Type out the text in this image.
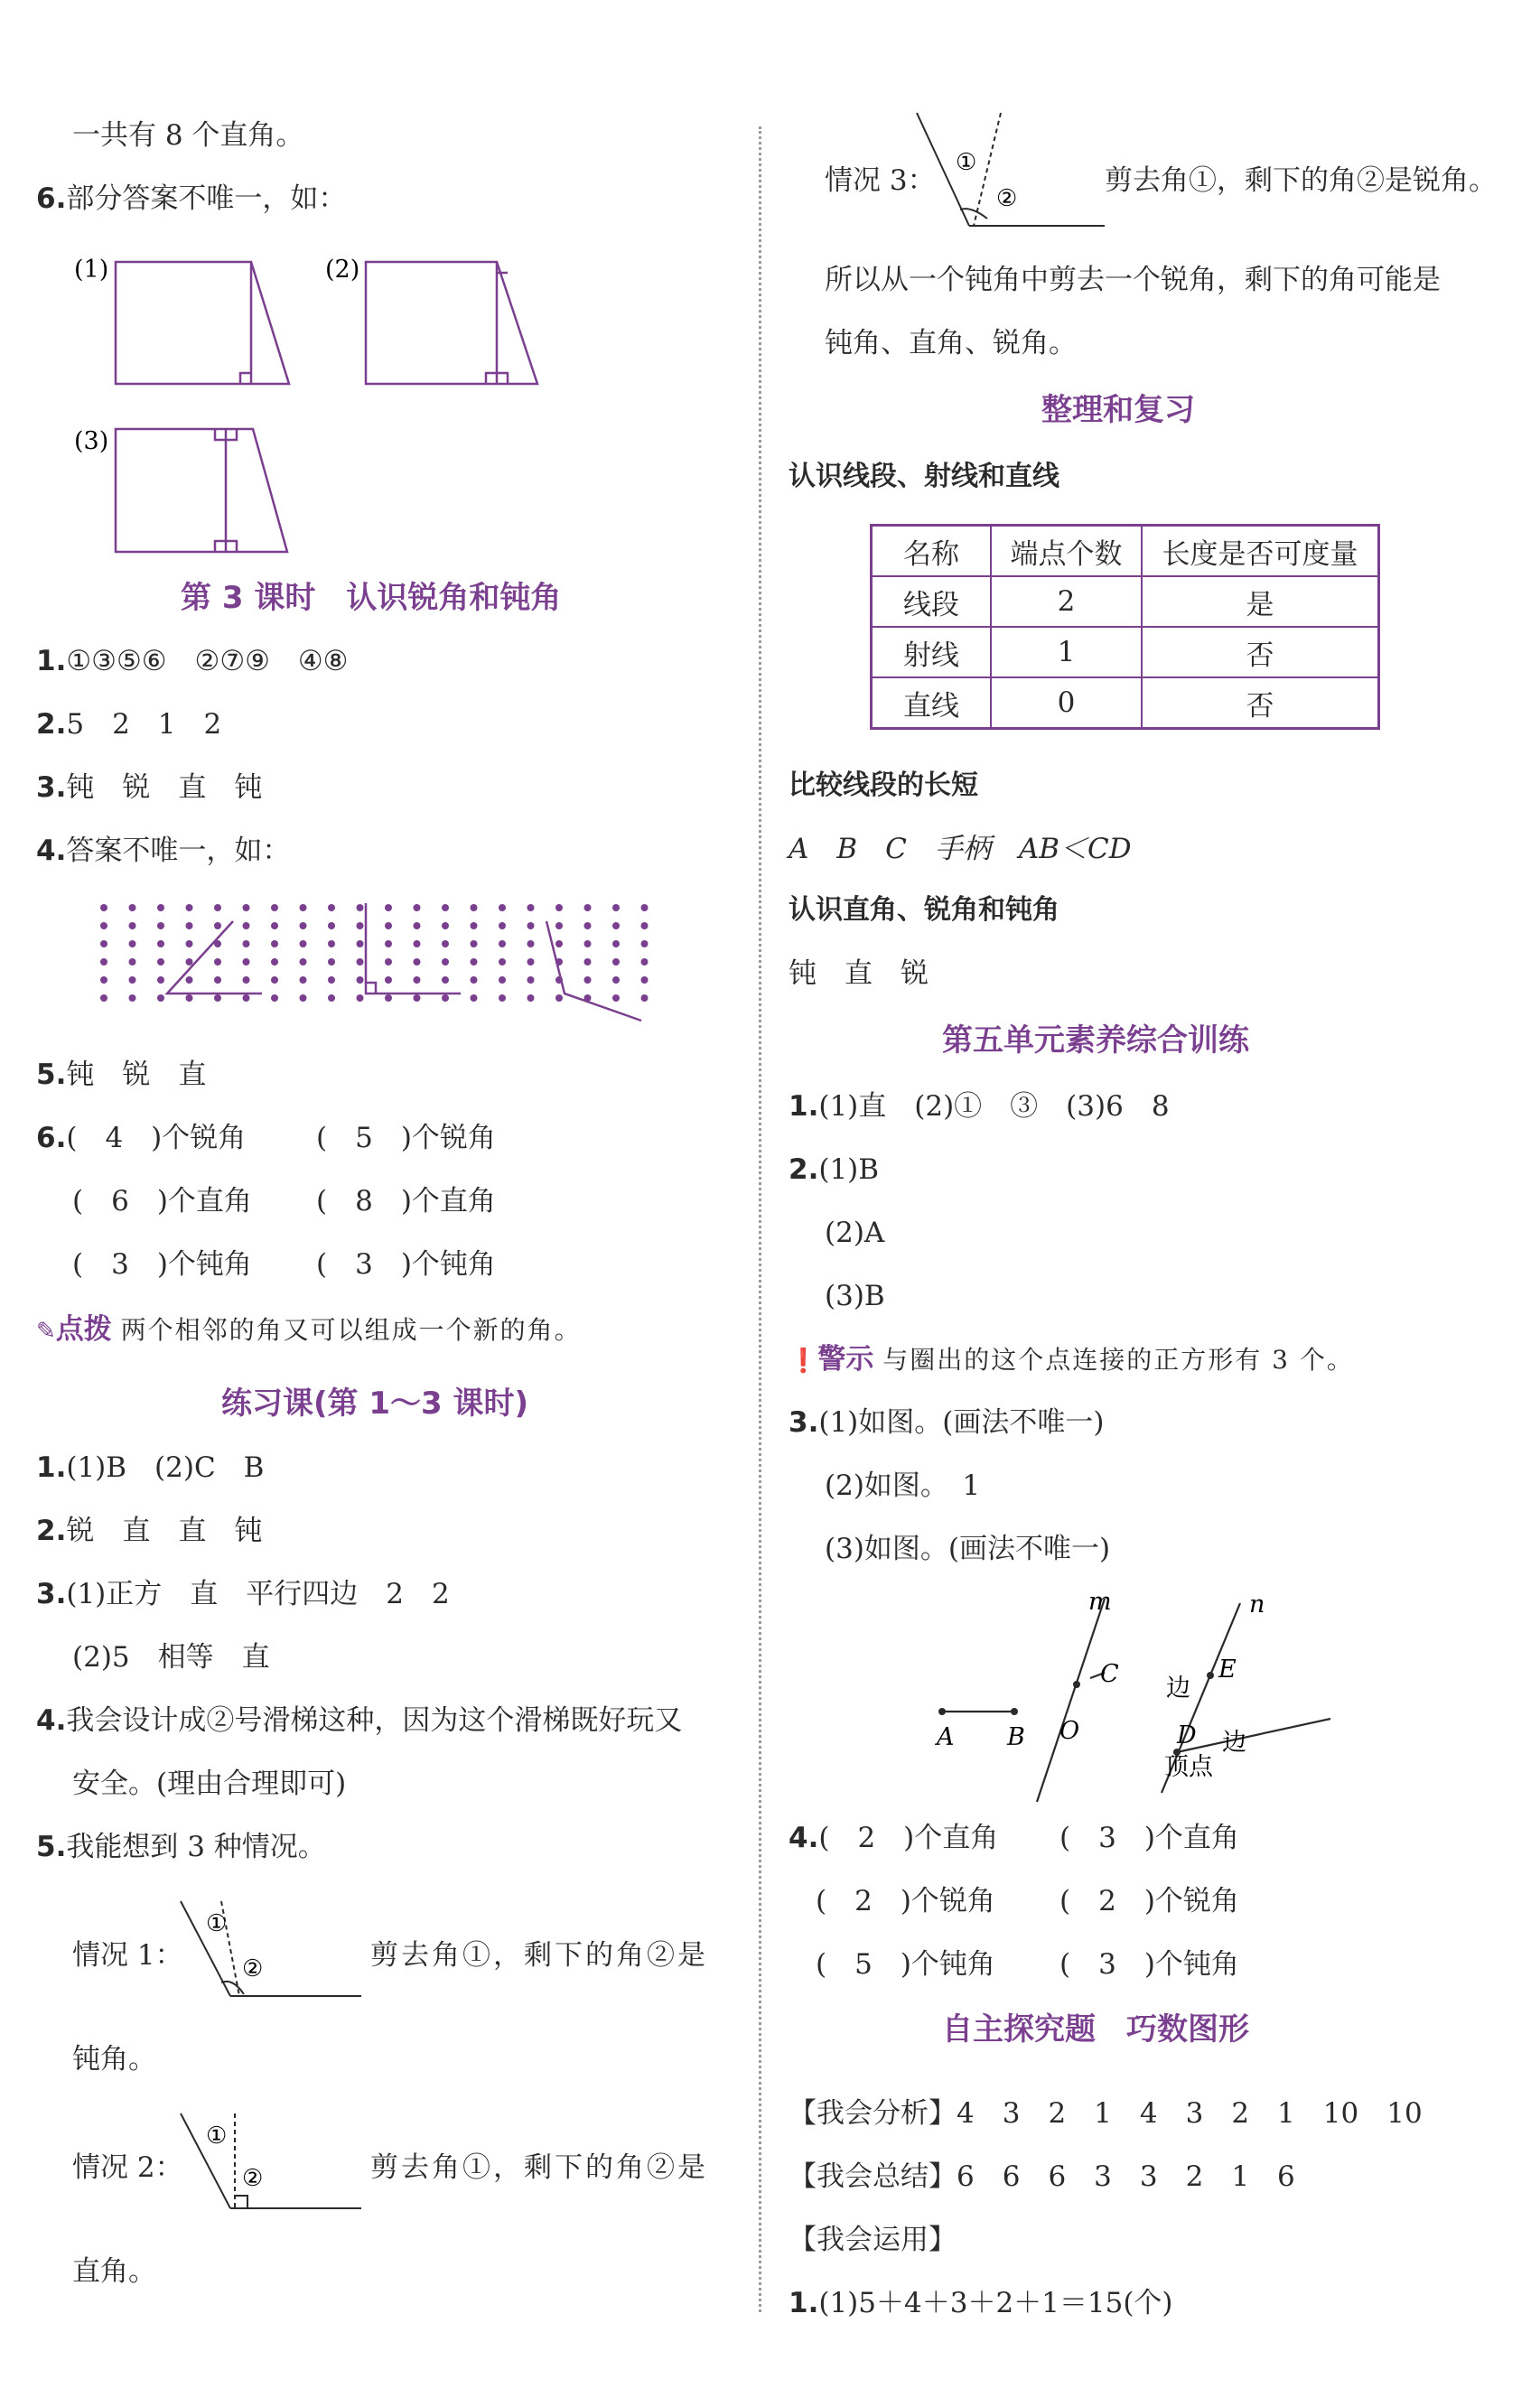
一共有 8 个直角。
6.部分答案不唯一，如：
(1)	(2)
(3)
第 3 课时　认识锐角和钝角
1.①③⑤⑥　②⑦⑨　④⑧
2.5　2　1　2
3.钝　锐　直　钝
4.答案不唯一，如：
5.钝　锐　直
6.(　4　)个锐角	(　5　)个锐角
(　6　)个直角 (　8　)个直角
(　3　)个钝角 (　3　)个钝角
✎点拨 两个相邻的角又可以组成一个新的角。
练习课(第 1～3 课时)
1.(1)B　(2)C　B
2.锐　直　直　钝
3.(1)正方　直　平行四边　2　2
(2)5　相等　直
4.我会设计成②号滑梯这种，因为这个滑梯既好玩又
安全。(理由合理即可)
5.我能想到 3 种情况。
情况 1：
①
②	剪去角①，剩下的角②是
钝角。
情况 2：
①
②	剪去角①，剩下的角②是
直角。
情况 3：
①
②
剪去角①，剩下的角②是锐角。
所以从一个钝角中剪去一个锐角，剩下的角可能是
钝角、直角、锐角。
整理和复习
认识线段、射线和直线
名称	端点个数	长度是否可度量
线段	2	是
射线	1	否
直线	0	否
比较线段的长短
A　B　C　手柄　AB＜CD
认识直角、锐角和钝角
钝　直　锐
第五单元素养综合训练
1.(1)直　(2)①　③　(3)6　8
2.(1)B
(2)A
(3)B
❗警示 与圈出的这个点连接的正方形有 3 个。
3.(1)如图。(画法不唯一)
(2)如图。　1
(3)如图。(画法不唯一)
A B
m
C
O
n
E
D
边
边
顶点
4.(　2　)个直角 (　3　)个直角
(　2　)个锐角 (　2　)个锐角
(　5　)个钝角 (　3　)个钝角
自主探究题　巧数图形
【我会分析】4　3　2　1　4　3　2　1　10　10
【我会总结】6　6　6　3　3　2　1　6
【我会运用】
1.(1)5＋4＋3＋2＋1＝15(个)
